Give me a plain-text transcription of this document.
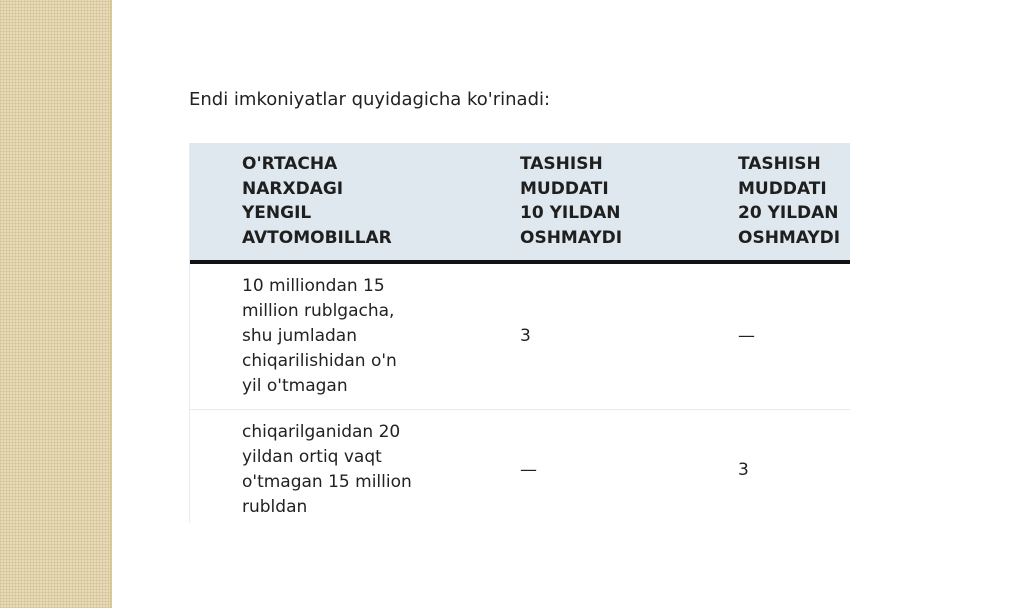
Endi imkoniyatlar quyidagicha ko'rinadi:
O'RTACHA
NARXDAGI
YENGIL
AVTOMOBILLAR
TASHISH
MUDDATI
10 YILDAN
OSHMAYDI
TASHISH
MUDDATI
20 YILDAN
OSHMAYDI
10 milliondan 15
million rublgacha,
shu jumladan
chiqarilishidan o'n
yil o'tmagan
3	—
chiqarilganidan 20
yildan ortiq vaqt
o'tmagan 15 million
rubldan
—	3
